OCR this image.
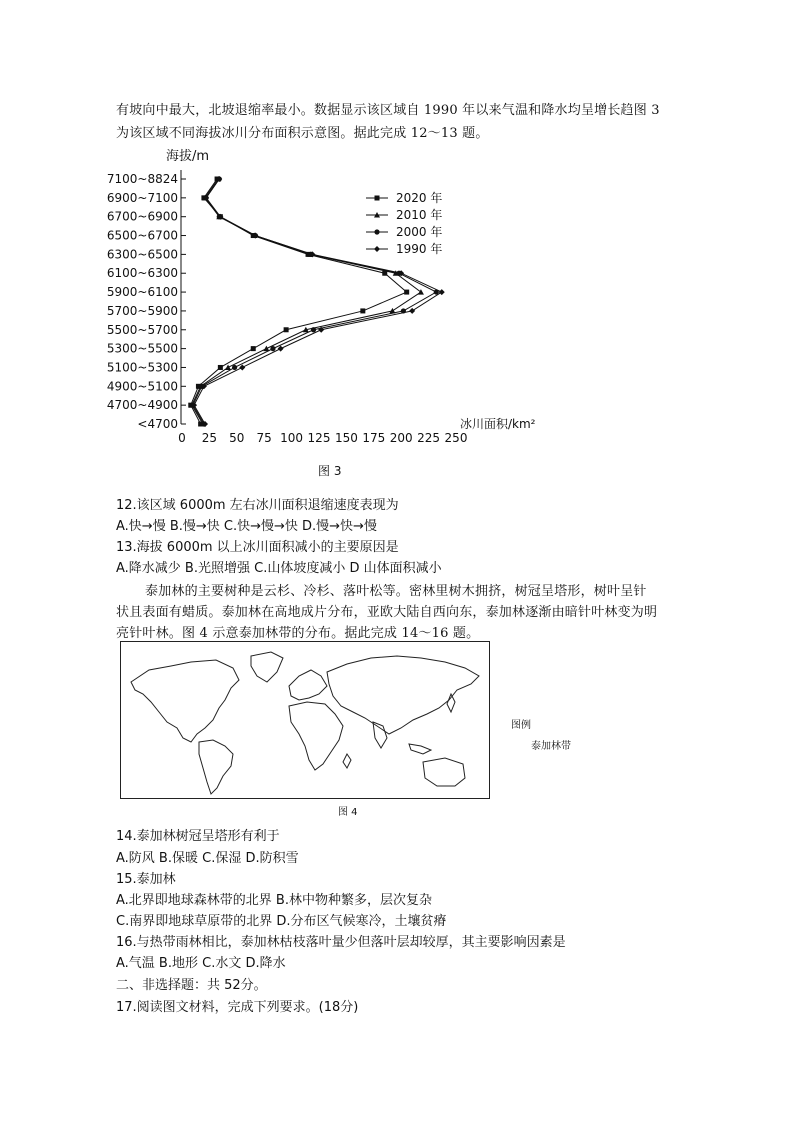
有坡向中最大，北坡退缩率最小。数据显示该区域自 1990 年以来气温和降水均呈增长趋图 3
为该区域不同海拔冰川分布面积示意图。据此完成 12～13 题。
海拔/m
冰川面积/km²
<4700
4700~4900
4900~5100
5100~5300
5300~5500
5500~5700
5700~5900
5900~6100
6100~6300
6300~6500
6500~6700
6700~6900
6900~7100
7100~8824
0 25 50 75 100 125 150 175 200 225 250
2020 年
2010 年
2000 年
1990 年
图 3
12.该区域 6000m 左右冰川面积退缩速度表现为
A.快→慢 B.慢→快 C.快→慢→快 D.慢→快→慢
13.海拔 6000m 以上冰川面积减小的主要原因是
A.降水减少 B.光照增强 C.山体坡度减小 D 山体面积减小
泰加林的主要树种是云杉、冷杉、落叶松等。密林里树木拥挤，树冠呈塔形，树叶呈针
状且表面有蜡质。泰加林在高地成片分布，亚欧大陆自西向东，泰加林逐渐由暗针叶林变为明
亮针叶林。图 4 示意泰加林带的分布。据此完成 14～16 题。
图例
泰加林带
图 4
14.泰加林树冠呈塔形有利于
A.防风 B.保暖 C.保湿 D.防积雪
15.泰加林
A.北界即地球森林带的北界 B.林中物种繁多，层次复杂
C.南界即地球草原带的北界 D.分布区气候寒冷，土壤贫瘠
16.与热带雨林相比，泰加林枯枝落叶量少但落叶层却较厚，其主要影响因素是
A.气温 B.地形 C.水文 D.降水
二、非选择题：共 52分。
17.阅读图文材料，完成下列要求。(18分)
